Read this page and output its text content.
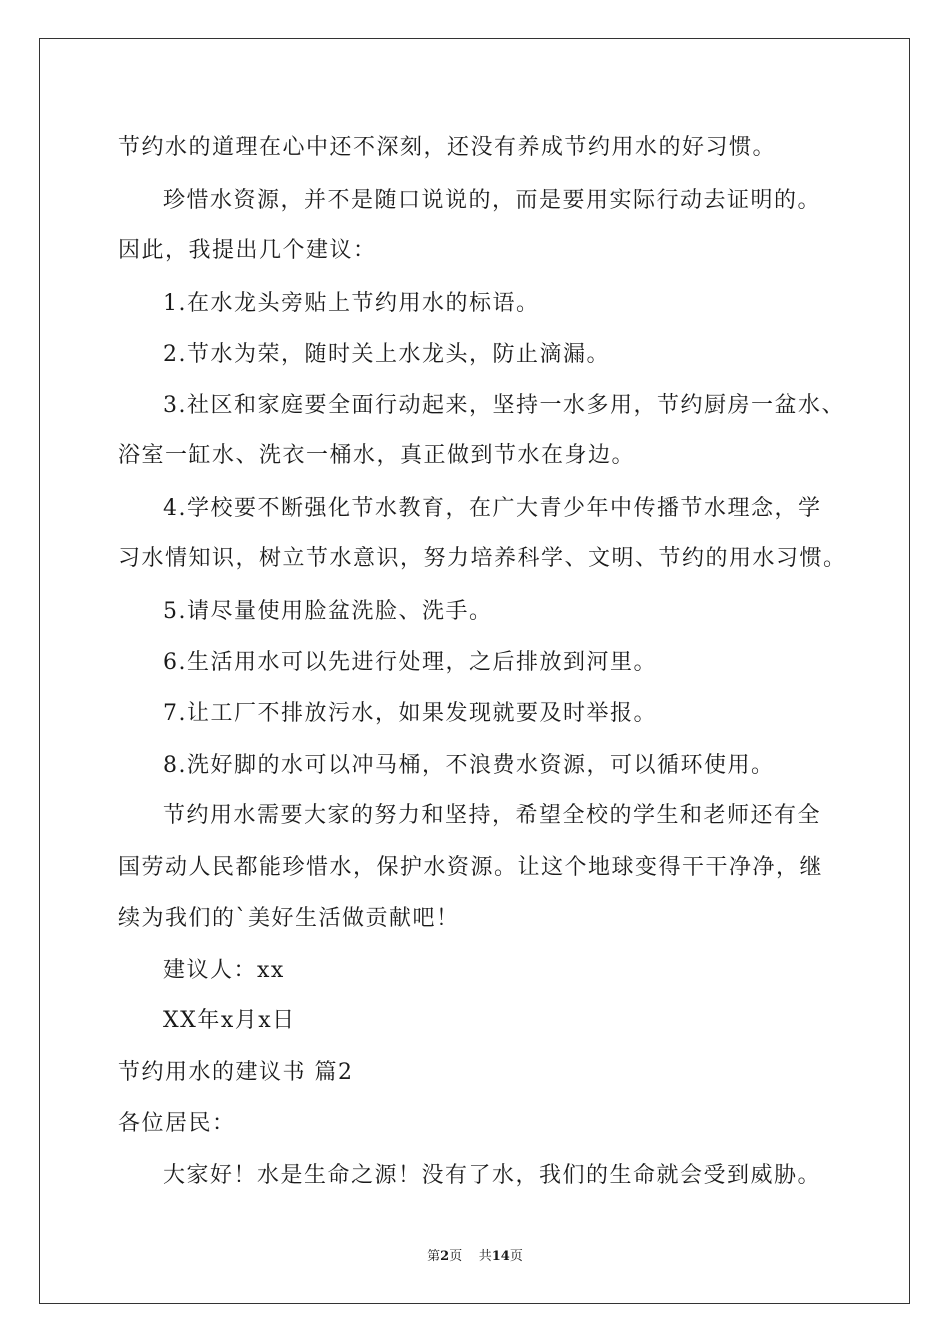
节约水的道理在心中还不深刻，还没有养成节约用水的好习惯。
珍惜水资源，并不是随口说说的，而是要用实际行动去证明的。
因此，我提出几个建议：
1.在水龙头旁贴上节约用水的标语。
2.节水为荣，随时关上水龙头，防止滴漏。
3.社区和家庭要全面行动起来，坚持一水多用，节约厨房一盆水、
浴室一缸水、洗衣一桶水，真正做到节水在身边。
4.学校要不断强化节水教育，在广大青少年中传播节水理念，学
习水情知识，树立节水意识，努力培养科学、文明、节约的用水习惯。
5.请尽量使用脸盆洗脸、洗手。
6.生活用水可以先进行处理，之后排放到河里。
7.让工厂不排放污水，如果发现就要及时举报。
8.洗好脚的水可以冲马桶，不浪费水资源，可以循环使用。
节约用水需要大家的努力和坚持，希望全校的学生和老师还有全
国劳动人民都能珍惜水，保护水资源。让这个地球变得干干净净，继
续为我们的`美好生活做贡献吧！
建议人：xx
XX年x月x日
节约用水的建议书 篇2
各位居民：
大家好！水是生命之源！没有了水，我们的生命就会受到威胁。
第2页 共14页
